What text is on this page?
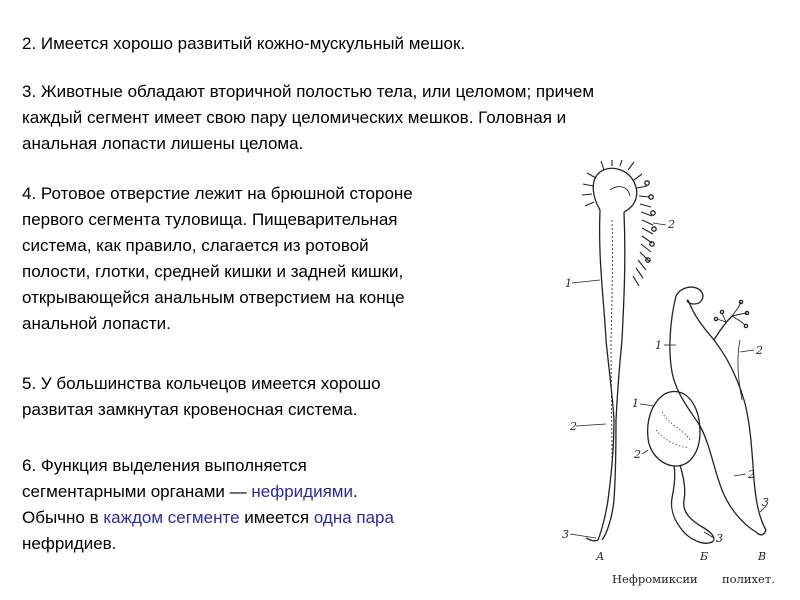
2. Имеется хорошо развитый кожно-мускульный мешок.
3. Животные обладают вторичной полостью тела, или целомом; причем
каждый сегмент имеет свою пару целомических мешков. Головная и
анальная лопасти лишены целома.
4. Ротовое отверстие лежит на брюшной стороне
первого сегмента туловища. Пищеварительная
система, как правило, слагается из ротовой
полости, глотки, средней кишки и задней кишки,
открывающейся анальным отверстием на конце
анальной лопасти.
5. У большинства кольчецов имеется хорошо
развитая замкнутая кровеносная система.
6. Функция выделения выполняется
сегментарными органами — нефридиями.
Обычно в каждом сегменте имеется одна пара
нефридиев.
2
1
2
3
1	2
1
2
2
3
3
А	Б	В
Нефромиксии полихет.
